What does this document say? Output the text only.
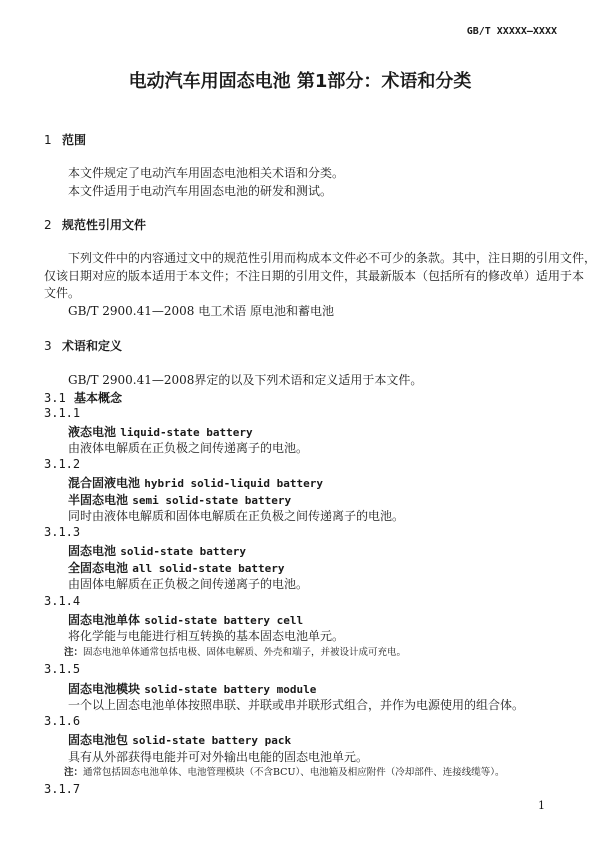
GB/T XXXXX—XXXX
电动汽车用固态电池 第1部分：术语和分类
1 范围
本文件规定了电动汽车用固态电池相关术语和分类。
本文件适用于电动汽车用固态电池的研发和测试。
2 规范性引用文件
下列文件中的内容通过文中的规范性引用而构成本文件必不可少的条款。其中，注日期的引用文件，
仅该日期对应的版本适用于本文件；不注日期的引用文件，其最新版本（包括所有的修改单）适用于本
文件。
GB/T 2900.41—2008 电工术语 原电池和蓄电池
3 术语和定义
GB/T 2900.41—2008界定的以及下列术语和定义适用于本文件。
3.1 基本概念
3.1.1
液态电池 liquid-state battery
由液体电解质在正负极之间传递离子的电池。
3.1.2
混合固液电池 hybrid solid-liquid battery
半固态电池 semi solid-state battery
同时由液体电解质和固体电解质在正负极之间传递离子的电池。
3.1.3
固态电池 solid-state battery
全固态电池 all solid-state battery
由固体电解质在正负极之间传递离子的电池。
3.1.4
固态电池单体 solid-state battery cell
将化学能与电能进行相互转换的基本固态电池单元。
注：固态电池单体通常包括电极、固体电解质、外壳和端子，并被设计成可充电。
3.1.5
固态电池模块 solid-state battery module
一个以上固态电池单体按照串联、并联或串并联形式组合，并作为电源使用的组合体。
3.1.6
固态电池包 solid-state battery pack
具有从外部获得电能并可对外输出电能的固态电池单元。
注：通常包括固态电池单体、电池管理模块（不含BCU）、电池箱及相应附件（冷却部件、连接线缆等）。
3.1.7
1
